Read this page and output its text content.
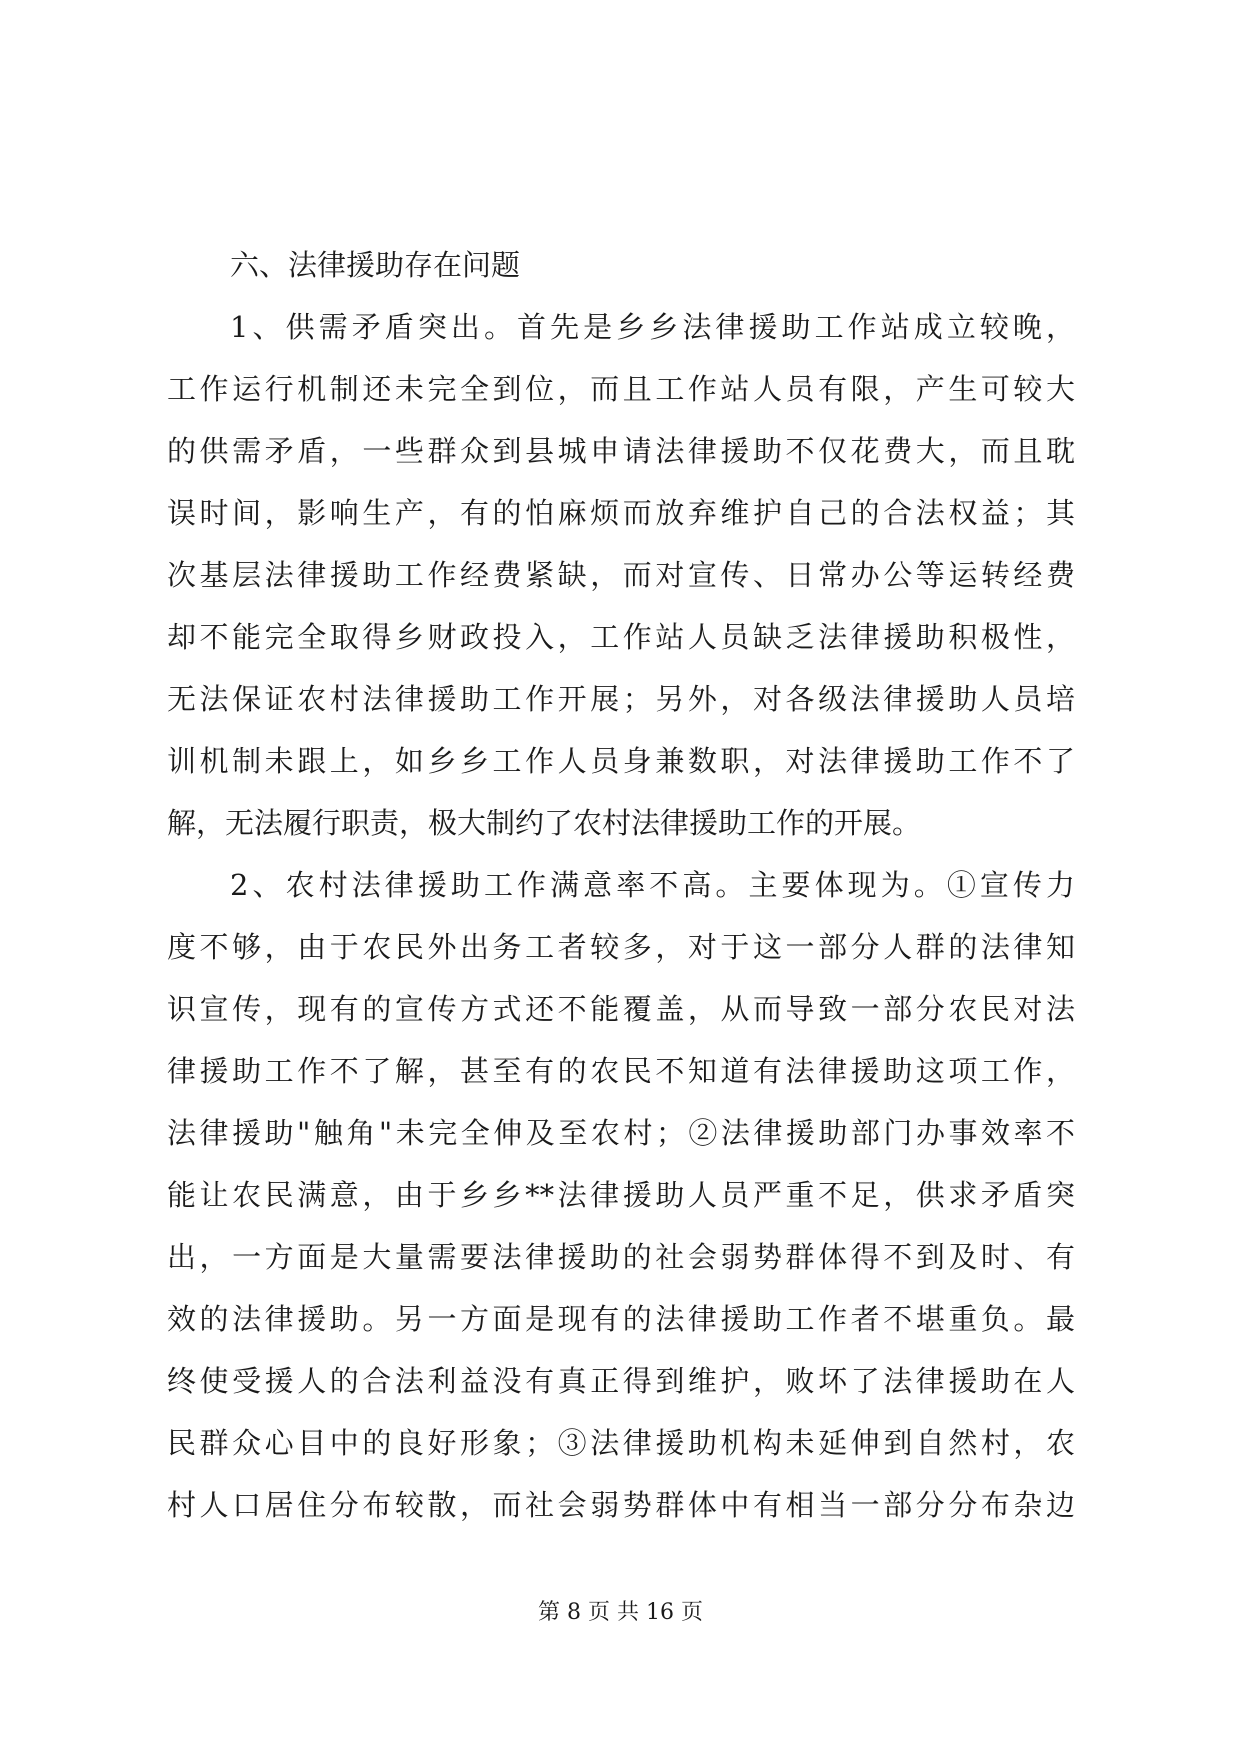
六、法律援助存在问题

1、供需矛盾突出。首先是乡乡法律援助工作站成立较晚，

工作运行机制还未完全到位，而且工作站人员有限，产生可较大

的供需矛盾，一些群众到县城申请法律援助不仅花费大，而且耽

误时间，影响生产，有的怕麻烦而放弃维护自己的合法权益；其

次基层法律援助工作经费紧缺，而对宣传、日常办公等运转经费

却不能完全取得乡财政投入，工作站人员缺乏法律援助积极性，

无法保证农村法律援助工作开展；另外，对各级法律援助人员培

训机制未跟上，如乡乡工作人员身兼数职，对法律援助工作不了

解，无法履行职责，极大制约了农村法律援助工作的开展。

2、农村法律援助工作满意率不高。主要体现为。①宣传力

度不够，由于农民外出务工者较多，对于这一部分人群的法律知

识宣传，现有的宣传方式还不能覆盖，从而导致一部分农民对法

律援助工作不了解，甚至有的农民不知道有法律援助这项工作，

法律援助"触角"未完全伸及至农村；②法律援助部门办事效率不

能让农民满意，由于乡乡**法律援助人员严重不足，供求矛盾突

出，一方面是大量需要法律援助的社会弱势群体得不到及时、有

效的法律援助。另一方面是现有的法律援助工作者不堪重负。最

终使受援人的合法利益没有真正得到维护，败坏了法律援助在人

民群众心目中的良好形象；③法律援助机构未延伸到自然村，农

村人口居住分布较散，而社会弱势群体中有相当一部分分布杂边

第 8 页 共 16 页
